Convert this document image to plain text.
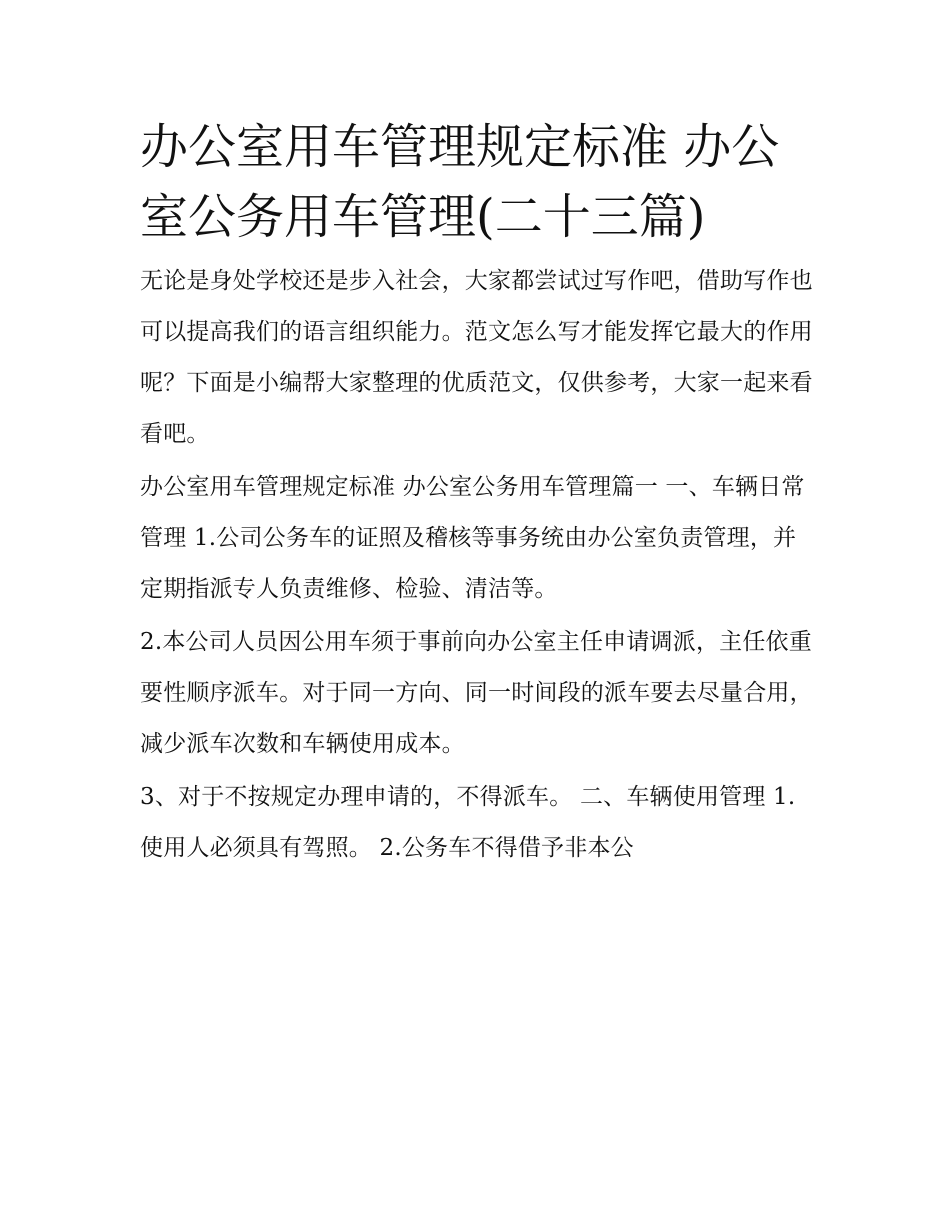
办公室用车管理规定标准 办公室公务用车管理(二十三篇)

无论是身处学校还是步入社会，大家都尝试过写作吧，借助写作也可以提高我们的语言组织能力。范文怎么写才能发挥它最大的作用呢？下面是小编帮大家整理的优质范文，仅供参考，大家一起来看看吧。

办公室用车管理规定标准 办公室公务用车管理篇一 一、车辆日常管理 1.公司公务车的证照及稽核等事务统由办公室负责管理，并定期指派专人负责维修、检验、清洁等。

2.本公司人员因公用车须于事前向办公室主任申请调派，主任依重要性顺序派车。对于同一方向、同一时间段的派车要去尽量合用，减少派车次数和车辆使用成本。

3、对于不按规定办理申请的，不得派车。 二、车辆使用管理 1.使用人必须具有驾照。 2.公务车不得借予非本公
